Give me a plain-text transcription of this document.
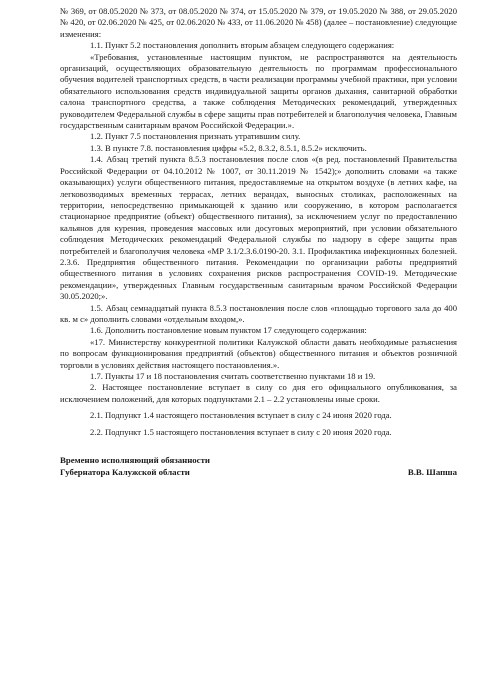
№ 369, от 08.05.2020 № 373, от 08.05.2020 № 374, от 15.05.2020 № 379, от 19.05.2020 № 388, от 29.05.2020 № 420, от 02.06.2020 № 425, от 02.06.2020 № 433, от 11.06.2020 № 458) (далее – постановление) следующие изменения:

1.1. Пункт 5.2 постановления дополнить вторым абзацем следующего содержания:

«Требования, установленные настоящим пунктом, не распространяются на деятельность организаций, осуществляющих образовательную деятельность по программам профессионального обучения водителей транспортных средств, в части реализации программы учебной практики, при условии обязательного использования средств индивидуальной защиты органов дыхания, санитарной обработки салона транспортного средства, а также соблюдения Методических рекомендаций, утвержденных руководителем Федеральной службы в сфере защиты прав потребителей и благополучия человека, Главным государственным санитарным врачом Российской Федерации.».

1.2. Пункт 7.5 постановления признать утратившим силу.

1.3. В пункте 7.8. постановления цифры «5.2, 8.3.2, 8.5.1, 8.5.2» исключить.

1.4. Абзац третий пункта 8.5.3 постановления после слов «(в ред. постановлений Правительства Российской Федерации от 04.10.2012 № 1007, от 30.11.2019 № 1542);» дополнить словами «а также оказывающих) услуги общественного питания, предоставляемые на открытом воздухе (в летних кафе, на легковозводимых временных террасах, летних верандах, выносных столиках, расположенных на территории, непосредственно примыкающей к зданию или сооружению, в котором располагается стационарное предприятие (объект) общественного питания), за исключением услуг по предоставлению кальянов для курения, проведения массовых или досуговых мероприятий, при условии обязательного соблюдения Методических рекомендаций Федеральной службы по надзору в сфере защиты прав потребителей и благополучия человека «МР 3.1/2.3.6.0190-20. 3.1. Профилактика инфекционных болезней. 2.3.6. Предприятия общественного питания. Рекомендации по организации работы предприятий общественного питания в условиях сохранения рисков распространения COVID-19. Методические рекомендации», утвержденных Главным государственным санитарным врачом Российской Федерации 30.05.2020;».

1.5. Абзац семнадцатый пункта 8.5.3 постановления после слов «площадью торгового зала до 400 кв. м с» дополнить словами «отдельным входом,».

1.6. Дополнить постановление новым пунктом 17 следующего содержания:

«17. Министерству конкурентной политики Калужской области давать необходимые разъяснения по вопросам функционирования предприятий (объектов) общественного питания и объектов розничной торговли в условиях действия настоящего постановления.».

1.7. Пункты 17 и 18 постановления считать соответственно пунктами 18 и 19.

2. Настоящее постановление вступает в силу со дня его официального опубликования, за исключением положений, для которых подпунктами 2.1 – 2.2 установлены иные сроки.

2.1. Подпункт 1.4 настоящего постановления вступает в силу с 24 июня 2020 года.

2.2. Подпункт 1.5 настоящего постановления вступает в силу с 20 июня 2020 года.

Временно исполняющий обязанности
Губернатора Калужской области	В.В. Шапша
